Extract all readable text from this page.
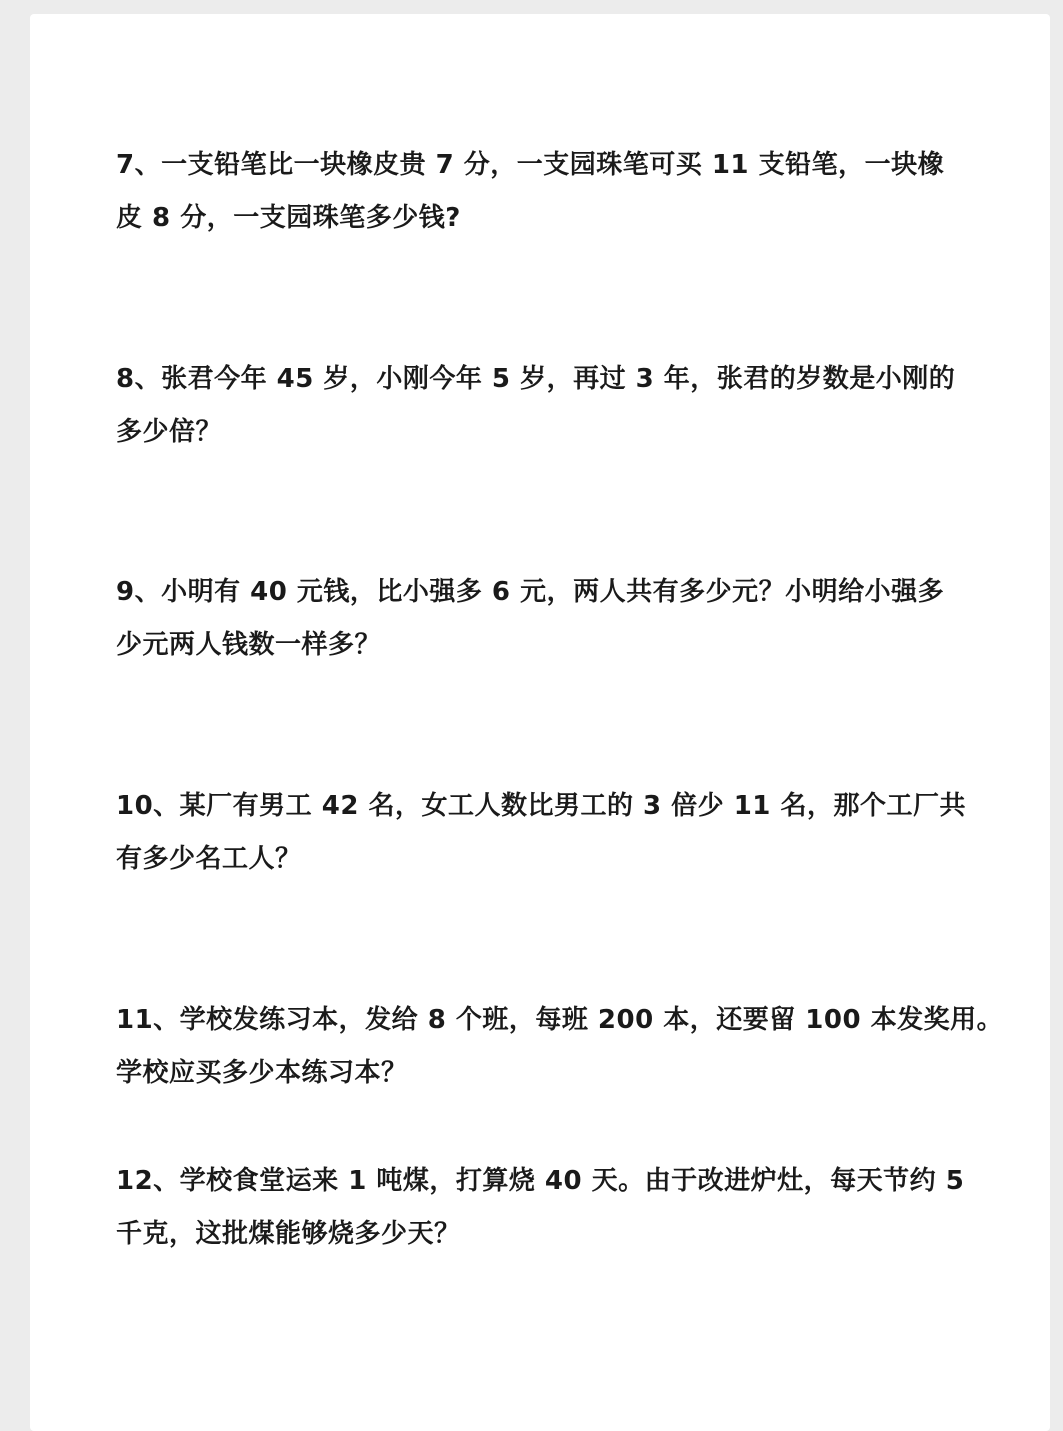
7、一支铅笔比一块橡皮贵 7 分，一支园珠笔可买 11 支铅笔，一块橡
皮 8 分，一支园珠笔多少钱?

8、张君今年 45 岁，小刚今年 5 岁，再过 3 年，张君的岁数是小刚的
多少倍？

9、小明有 40 元钱，比小强多 6 元，两人共有多少元？小明给小强多
少元两人钱数一样多？

10、某厂有男工 42 名，女工人数比男工的 3 倍少 11 名，那个工厂共
有多少名工人？

11、学校发练习本，发给 8 个班，每班 200 本，还要留 100 本发奖用。
学校应买多少本练习本？

12、学校食堂运来 1 吨煤，打算烧 40 天。由于改进炉灶，每天节约 5
千克，这批煤能够烧多少天？
